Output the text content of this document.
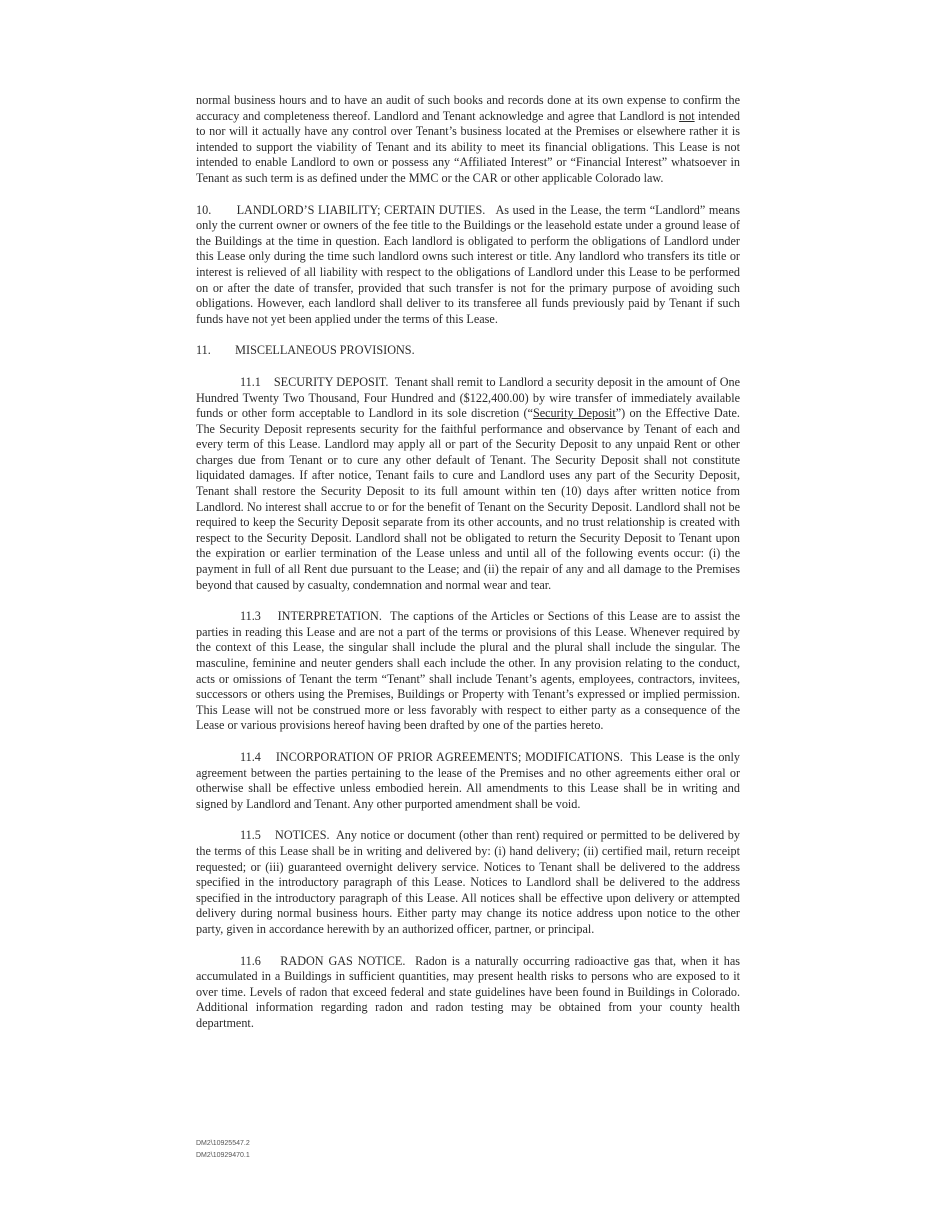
normal business hours and to have an audit of such books and records done at its own expense to confirm the accuracy and completeness thereof. Landlord and Tenant acknowledge and agree that Landlord is not intended to nor will it actually have any control over Tenant’s business located at the Premises or elsewhere rather it is intended to support the viability of Tenant and its ability to meet its financial obligations. This Lease is not intended to enable Landlord to own or possess any “Affiliated Interest” or “Financial Interest” whatsoever in Tenant as such term is as defined under the MMC or the CAR or other applicable Colorado law.

10. LANDLORD’S LIABILITY; CERTAIN DUTIES. As used in the Lease, the term “Landlord” means only the current owner or owners of the fee title to the Buildings or the leasehold estate under a ground lease of the Buildings at the time in question. Each landlord is obligated to perform the obligations of Landlord under this Lease only during the time such landlord owns such interest or title. Any landlord who transfers its title or interest is relieved of all liability with respect to the obligations of Landlord under this Lease to be performed on or after the date of transfer, provided that such transfer is not for the primary purpose of avoiding such obligations. However, each landlord shall deliver to its transferee all funds previously paid by Tenant if such funds have not yet been applied under the terms of this Lease.

11. MISCELLANEOUS PROVISIONS.

11.1 SECURITY DEPOSIT. Tenant shall remit to Landlord a security deposit in the amount of One Hundred Twenty Two Thousand, Four Hundred and ($122,400.00) by wire transfer of immediately available funds or other form acceptable to Landlord in its sole discretion (“Security Deposit”) on the Effective Date. The Security Deposit represents security for the faithful performance and observance by Tenant of each and every term of this Lease. Landlord may apply all or part of the Security Deposit to any unpaid Rent or other charges due from Tenant or to cure any other default of Tenant. The Security Deposit shall not constitute liquidated damages. If after notice, Tenant fails to cure and Landlord uses any part of the Security Deposit, Tenant shall restore the Security Deposit to its full amount within ten (10) days after written notice from Landlord. No interest shall accrue to or for the benefit of Tenant on the Security Deposit. Landlord shall not be required to keep the Security Deposit separate from its other accounts, and no trust relationship is created with respect to the Security Deposit. Landlord shall not be obligated to return the Security Deposit to Tenant upon the expiration or earlier termination of the Lease unless and until all of the following events occur: (i) the payment in full of all Rent due pursuant to the Lease; and (ii) the repair of any and all damage to the Premises beyond that caused by casualty, condemnation and normal wear and tear.

11.3 INTERPRETATION. The captions of the Articles or Sections of this Lease are to assist the parties in reading this Lease and are not a part of the terms or provisions of this Lease. Whenever required by the context of this Lease, the singular shall include the plural and the plural shall include the singular. The masculine, feminine and neuter genders shall each include the other. In any provision relating to the conduct, acts or omissions of Tenant the term “Tenant” shall include Tenant’s agents, employees, contractors, invitees, successors or others using the Premises, Buildings or Property with Tenant’s expressed or implied permission. This Lease will not be construed more or less favorably with respect to either party as a consequence of the Lease or various provisions hereof having been drafted by one of the parties hereto.

11.4 INCORPORATION OF PRIOR AGREEMENTS; MODIFICATIONS. This Lease is the only agreement between the parties pertaining to the lease of the Premises and no other agreements either oral or otherwise shall be effective unless embodied herein. All amendments to this Lease shall be in writing and signed by Landlord and Tenant. Any other purported amendment shall be void.

11.5 NOTICES. Any notice or document (other than rent) required or permitted to be delivered by the terms of this Lease shall be in writing and delivered by: (i) hand delivery; (ii) certified mail, return receipt requested; or (iii) guaranteed overnight delivery service. Notices to Tenant shall be delivered to the address specified in the introductory paragraph of this Lease. Notices to Landlord shall be delivered to the address specified in the introductory paragraph of this Lease. All notices shall be effective upon delivery or attempted delivery during normal business hours. Either party may change its notice address upon notice to the other party, given in accordance herewith by an authorized officer, partner, or principal.

11.6 RADON GAS NOTICE. Radon is a naturally occurring radioactive gas that, when it has accumulated in a Buildings in sufficient quantities, may present health risks to persons who are exposed to it over time. Levels of radon that exceed federal and state guidelines have been found in Buildings in Colorado. Additional information regarding radon and radon testing may be obtained from your county health department.

DM2\10925547.2
DM2\10929470.1
